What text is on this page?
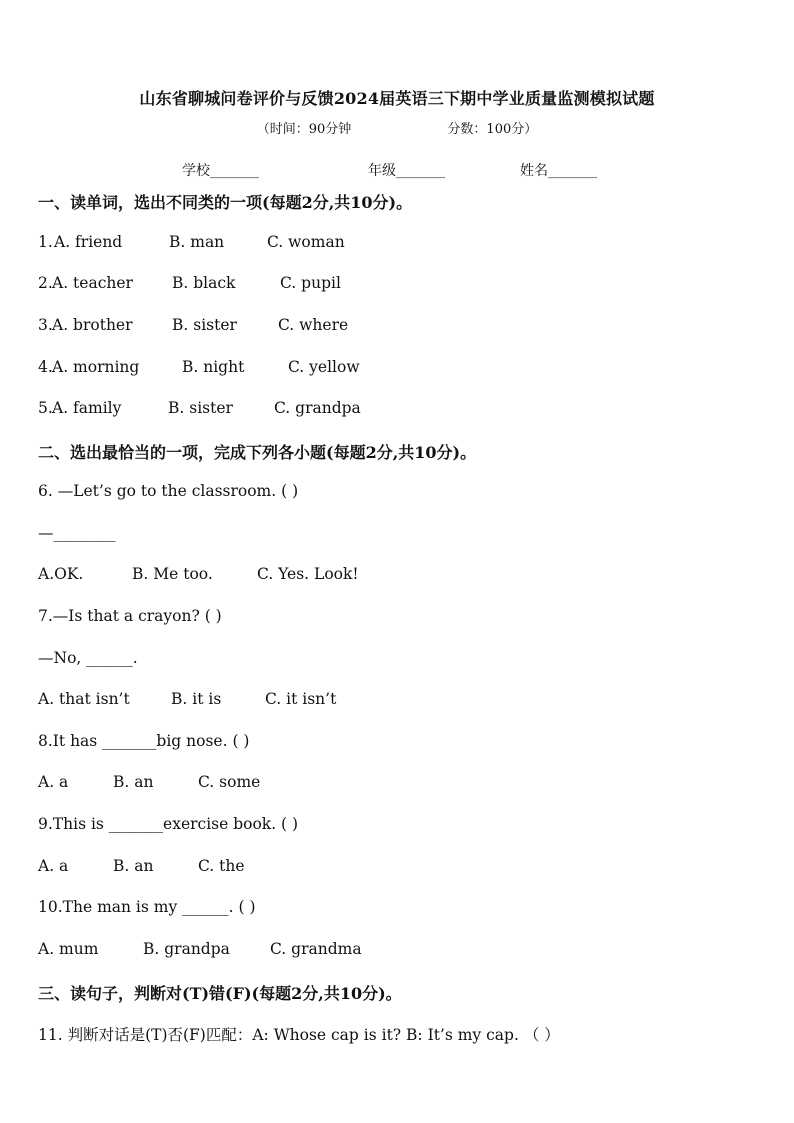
山东省聊城问卷评价与反馈2024届英语三下期中学业质量监测模拟试题
（时间：90分钟	分数：100分）
学校_______	年级_______	姓名_______
一、读单词，选出不同类的一项(每题2分,共10分)。
1. A. friend	B. man	C. woman
2. A. teacher	B. black	C. pupil
3. A. brother	B. sister	C. where
4. A. morning	B. night	C. yellow
5. A. family	B. sister	C. grandpa
二、选出最恰当的一项，完成下列各小题(每题2分,共10分)。
6. —Let’s go to the classroom. ( )
—________
A.OK.	B. Me too.	C. Yes. Look!
7.—Is that a crayon? ( )
—No, ______.
A. that isn’t	B. it is	C. it isn’t
8.It has _______big nose. ( )
A. a	B. an	C. some
9.This is _______exercise book. ( )
A. a	B. an	C. the
10.The man is my ______. ( )
A. mum	B. grandpa	C. grandma
三、读句子，判断对(T)错(F)(每题2分,共10分)。
11. 判断对话是(T)否(F)匹配：A: Whose cap is it? B: It’s my cap. （ ）
